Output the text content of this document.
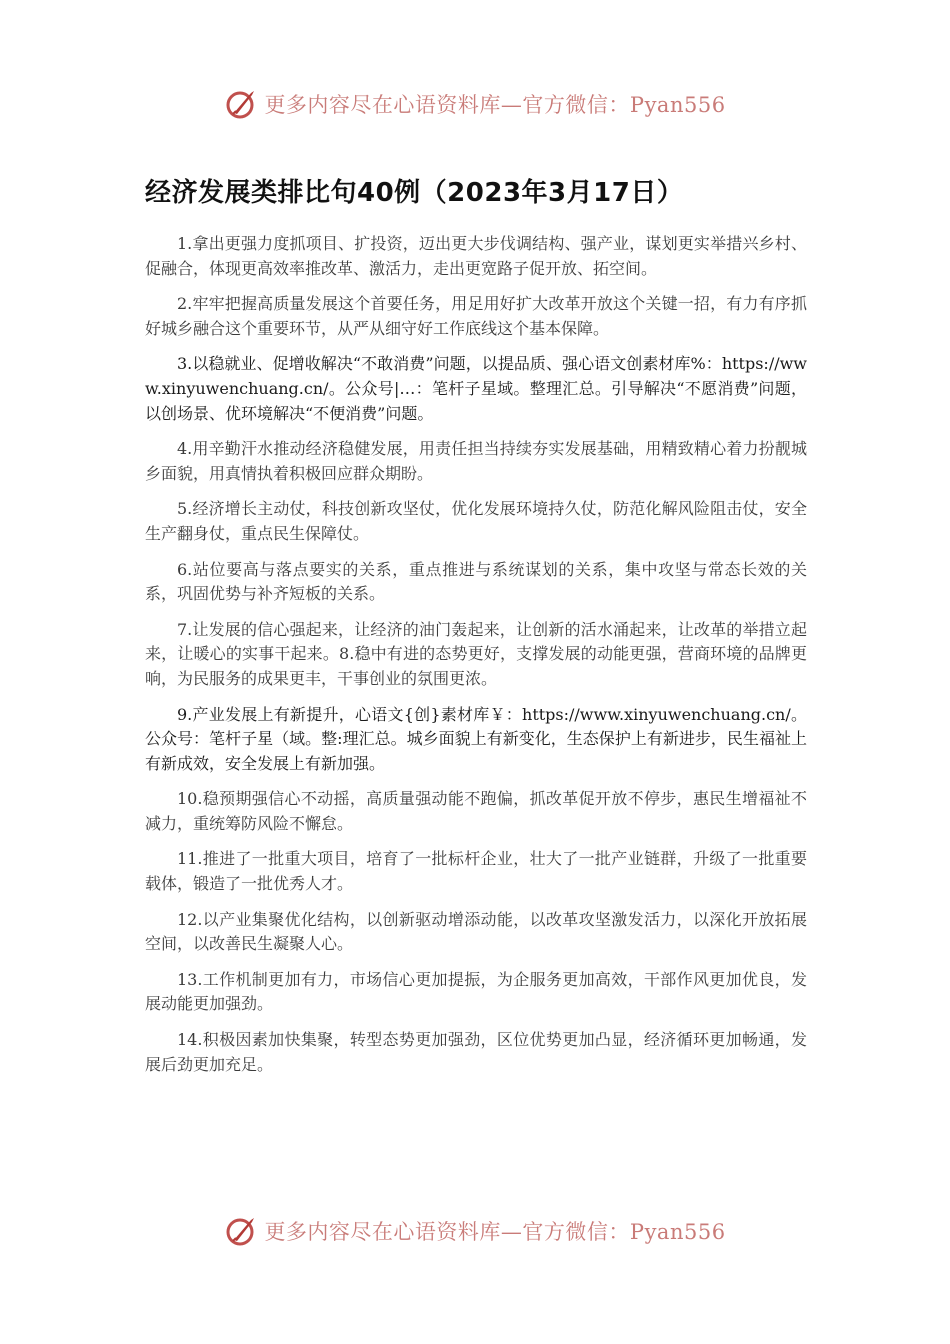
更多内容尽在心语资料库—官方微信：Pyan556
经济发展类排比句40例（2023年3月17日）

1.拿出更强力度抓项目、扩投资，迈出更大步伐调结构、强产业，谋划更实举措兴乡村、促融合，体现更高效率推改革、激活力，走出更宽路子促开放、拓空间。

2.牢牢把握高质量发展这个首要任务，用足用好扩大改革开放这个关键一招，有力有序抓好城乡融合这个重要环节，从严从细守好工作底线这个基本保障。

3.以稳就业、促增收解决“不敢消费”问题，以提品质、强心语文创素材库%：https://www.xinyuwenchuang.cn/。公众号|…：笔杆子星域。整理汇总。引导解决“不愿消费”问题，以创场景、优环境解决“不便消费”问题。

4.用辛勤汗水推动经济稳健发展，用责任担当持续夯实发展基础，用精致精心着力扮靓城乡面貌，用真情执着积极回应群众期盼。

5.经济增长主动仗，科技创新攻坚仗，优化发展环境持久仗，防范化解风险阻击仗，安全生产翻身仗，重点民生保障仗。

6.站位要高与落点要实的关系，重点推进与系统谋划的关系，集中攻坚与常态长效的关系，巩固优势与补齐短板的关系。

7.让发展的信心强起来，让经济的油门轰起来，让创新的活水涌起来，让改革的举措立起来，让暖心的实事干起来。8.稳中有进的态势更好，支撑发展的动能更强，营商环境的品牌更响，为民服务的成果更丰，干事创业的氛围更浓。

9.产业发展上有新提升，心语文{创}素材库￥：https://www.xinyuwenchuang.cn/。公众号：笔杆子星（域。整:理汇总。城乡面貌上有新变化，生态保护上有新进步，民生福祉上有新成效，安全发展上有新加强。

10.稳预期强信心不动摇，高质量强动能不跑偏，抓改革促开放不停步，惠民生增福祉不减力，重统筹防风险不懈怠。

11.推进了一批重大项目，培育了一批标杆企业，壮大了一批产业链群，升级了一批重要载体，锻造了一批优秀人才。

12.以产业集聚优化结构，以创新驱动增添动能，以改革攻坚激发活力，以深化开放拓展空间，以改善民生凝聚人心。

13.工作机制更加有力，市场信心更加提振，为企服务更加高效，干部作风更加优良，发展动能更加强劲。

14.积极因素加快集聚，转型态势更加强劲，区位优势更加凸显，经济循环更加畅通，发展后劲更加充足。

更多内容尽在心语资料库—官方微信：Pyan556
